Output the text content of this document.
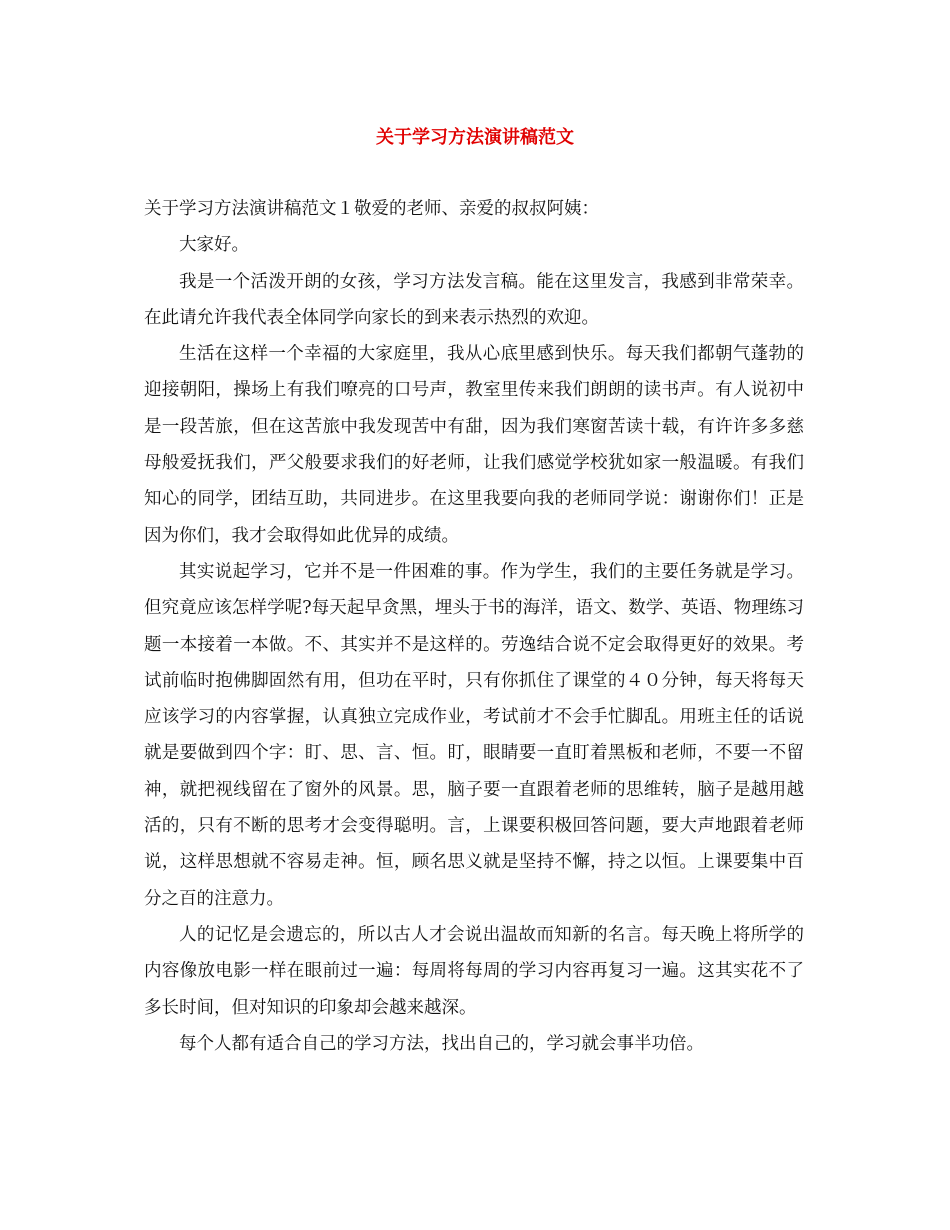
关于学习方法演讲稿范文

关于学习方法演讲稿范文１敬爱的老师、亲爱的叔叔阿姨：

大家好。

我是一个活泼开朗的女孩，学习方法发言稿。能在这里发言，我感到非常荣幸。在此请允许我代表全体同学向家长的到来表示热烈的欢迎。

生活在这样一个幸福的大家庭里，我从心底里感到快乐。每天我们都朝气蓬勃的迎接朝阳，操场上有我们嘹亮的口号声，教室里传来我们朗朗的读书声。有人说初中是一段苦旅，但在这苦旅中我发现苦中有甜，因为我们寒窗苦读十载，有许许多多慈母般爱抚我们，严父般要求我们的好老师，让我们感觉学校犹如家一般温暖。有我们知心的同学，团结互助，共同进步。在这里我要向我的老师同学说：谢谢你们！正是因为你们，我才会取得如此优异的成绩。

其实说起学习，它并不是一件困难的事。作为学生，我们的主要任务就是学习。但究竟应该怎样学呢?每天起早贪黑，埋头于书的海洋，语文、数学、英语、物理练习题一本接着一本做。不、其实并不是这样的。劳逸结合说不定会取得更好的效果。考试前临时抱佛脚固然有用，但功在平时，只有你抓住了课堂的４０分钟，每天将每天应该学习的内容掌握，认真独立完成作业，考试前才不会手忙脚乱。用班主任的话说就是要做到四个字：盯、思、言、恒。盯，眼睛要一直盯着黑板和老师，不要一不留神，就把视线留在了窗外的风景。思，脑子要一直跟着老师的思维转，脑子是越用越活的，只有不断的思考才会变得聪明。言，上课要积极回答问题，要大声地跟着老师说，这样思想就不容易走神。恒，顾名思义就是坚持不懈，持之以恒。上课要集中百分之百的注意力。

人的记忆是会遗忘的，所以古人才会说出温故而知新的名言。每天晚上将所学的内容像放电影一样在眼前过一遍：每周将每周的学习内容再复习一遍。这其实花不了多长时间，但对知识的印象却会越来越深。

每个人都有适合自己的学习方法，找出自己的，学习就会事半功倍。
